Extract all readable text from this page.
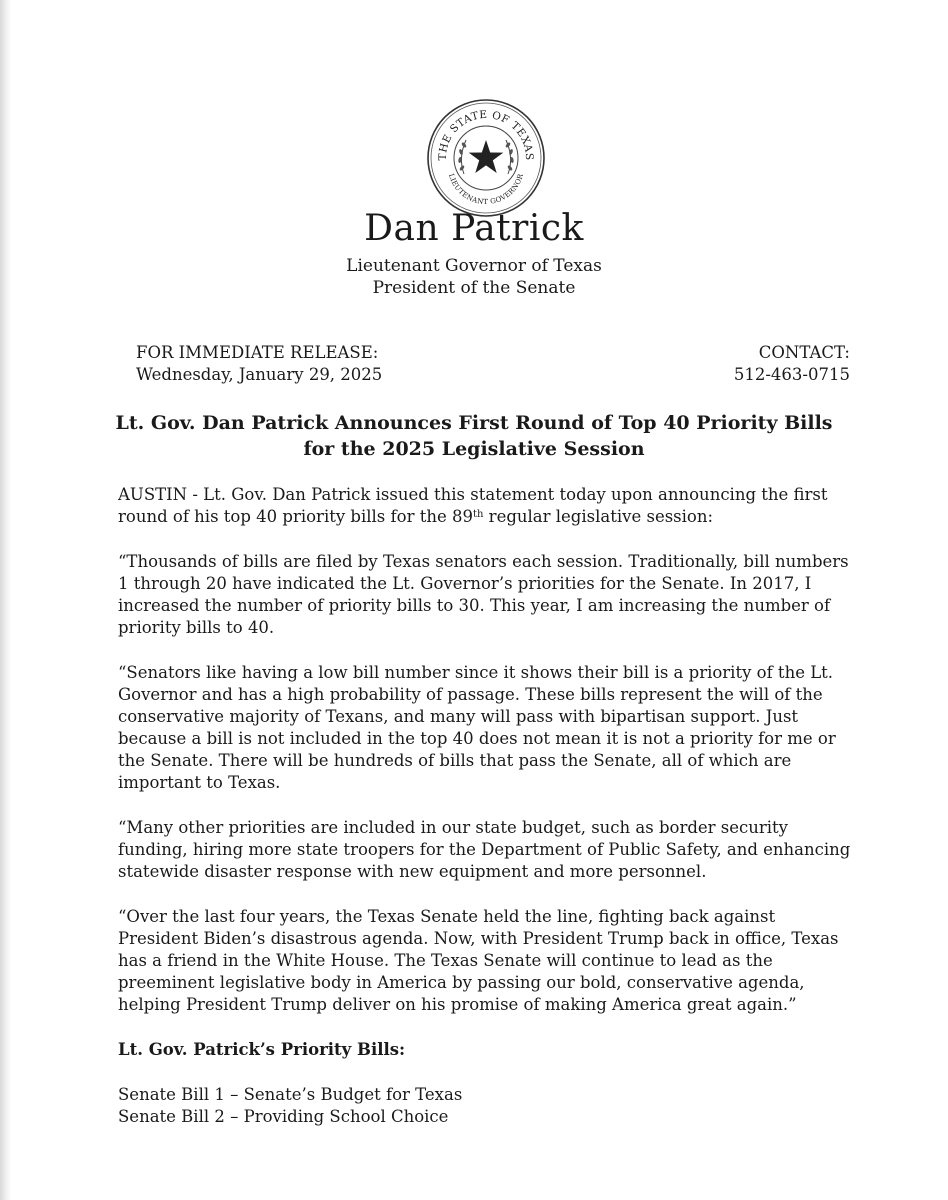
THE STATE OF TEXAS
LIEUTENANT GOVERNOR
Dan Patrick
Lieutenant Governor of Texas
President of the Senate
FOR IMMEDIATE RELEASE:
Wednesday, January 29, 2025
CONTACT:
512-463-0715
Lt. Gov. Dan Patrick Announces First Round of Top 40 Priority Bills
for the 2025 Legislative Session

AUSTIN - Lt. Gov. Dan Patrick issued this statement today upon announcing the first round of his top 40 priority bills for the 89th regular legislative session:

“Thousands of bills are filed by Texas senators each session. Traditionally, bill numbers 1 through 20 have indicated the Lt. Governor’s priorities for the Senate. In 2017, I increased the number of priority bills to 30. This year, I am increasing the number of priority bills to 40.

“Senators like having a low bill number since it shows their bill is a priority of the Lt. Governor and has a high probability of passage. These bills represent the will of the conservative majority of Texans, and many will pass with bipartisan support. Just because a bill is not included in the top 40 does not mean it is not a priority for me or the Senate. There will be hundreds of bills that pass the Senate, all of which are important to Texas.

“Many other priorities are included in our state budget, such as border security funding, hiring more state troopers for the Department of Public Safety, and enhancing statewide disaster response with new equipment and more personnel.

“Over the last four years, the Texas Senate held the line, fighting back against President Biden’s disastrous agenda. Now, with President Trump back in office, Texas has a friend in the White House. The Texas Senate will continue to lead as the preeminent legislative body in America by passing our bold, conservative agenda, helping President Trump deliver on his promise of making America great again.”

Lt. Gov. Patrick’s Priority Bills:
Senate Bill 1 – Senate’s Budget for Texas
Senate Bill 2 – Providing School Choice
